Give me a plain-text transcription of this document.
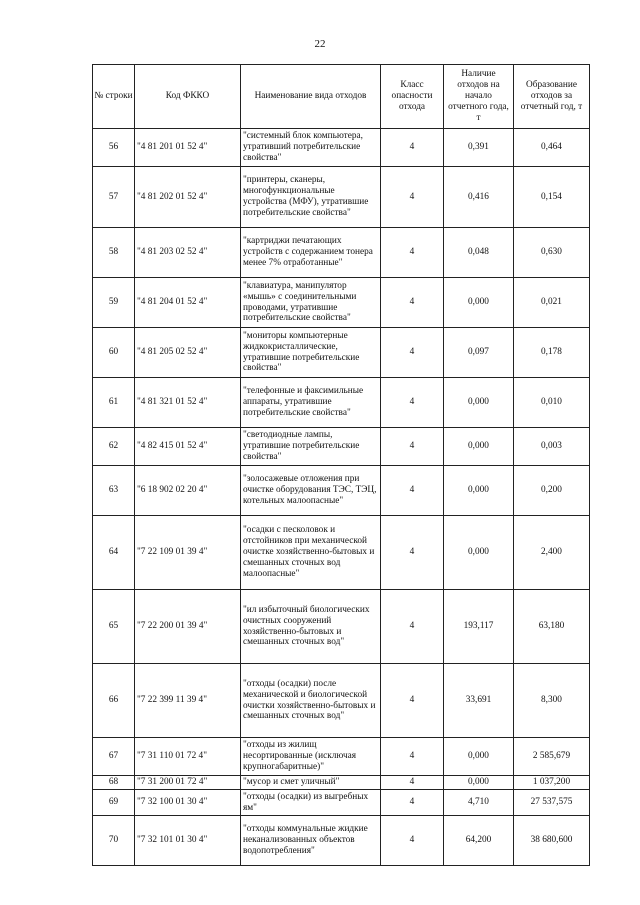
22
№ строки	Код ФККО	Наименование вида отходов	Класс опасности отхода	Наличие отходов на начало отчетного года, т	Образование отходов за отчетный год, т
56	"4 81 201 01 52 4"	"системный блок компьютера, утративший потребительские свойства"	4	0,391	0,464
57	"4 81 202 01 52 4"	"принтеры, сканеры, многофункциональные устройства (МФУ), утратившие потребительские свойства"	4	0,416	0,154
58	"4 81 203 02 52 4"	"картриджи печатающих устройств с содержанием тонера менее 7% отработанные"	4	0,048	0,630
59	"4 81 204 01 52 4"	"клавиатура, манипулятор «мышь» с соединительными проводами, утратившие потребительские свойства"	4	0,000	0,021
60	"4 81 205 02 52 4"	"мониторы компьютерные жидкокристаллические, утратившие потребительские свойства"	4	0,097	0,178
61	"4 81 321 01 52 4"	"телефонные и факсимильные аппараты, утратившие потребительские свойства"	4	0,000	0,010
62	"4 82 415 01 52 4"	"светодиодные лампы, утратившие потребительские свойства"	4	0,000	0,003
63	"6 18 902 02 20 4"	"золосажевые отложения при очистке оборудования ТЭС, ТЭЦ, котельных малоопасные"	4	0,000	0,200
64	"7 22 109 01 39 4"	"осадки с песколовок и отстойников при механической очистке хозяйственно-бытовых и смешанных сточных вод малоопасные"	4	0,000	2,400
65	"7 22 200 01 39 4"	"ил избыточный биологических очистных сооружений хозяйственно-бытовых и смешанных сточных вод"	4	193,117	63,180
66	"7 22 399 11 39 4"	"отходы (осадки) после механической и биологической очистки хозяйственно-бытовых и смешанных сточных вод"	4	33,691	8,300
67	"7 31 110 01 72 4"	"отходы из жилищ несортированные (исключая крупногабаритные)"	4	0,000	2 585,679
68	"7 31 200 01 72 4"	"мусор и смет уличный"	4	0,000	1 037,200
69	"7 32 100 01 30 4"	"отходы (осадки) из выгребных ям"	4	4,710	27 537,575
70	"7 32 101 01 30 4"	"отходы коммунальные жидкие неканализованных объектов водопотребления"	4	64,200	38 680,600
